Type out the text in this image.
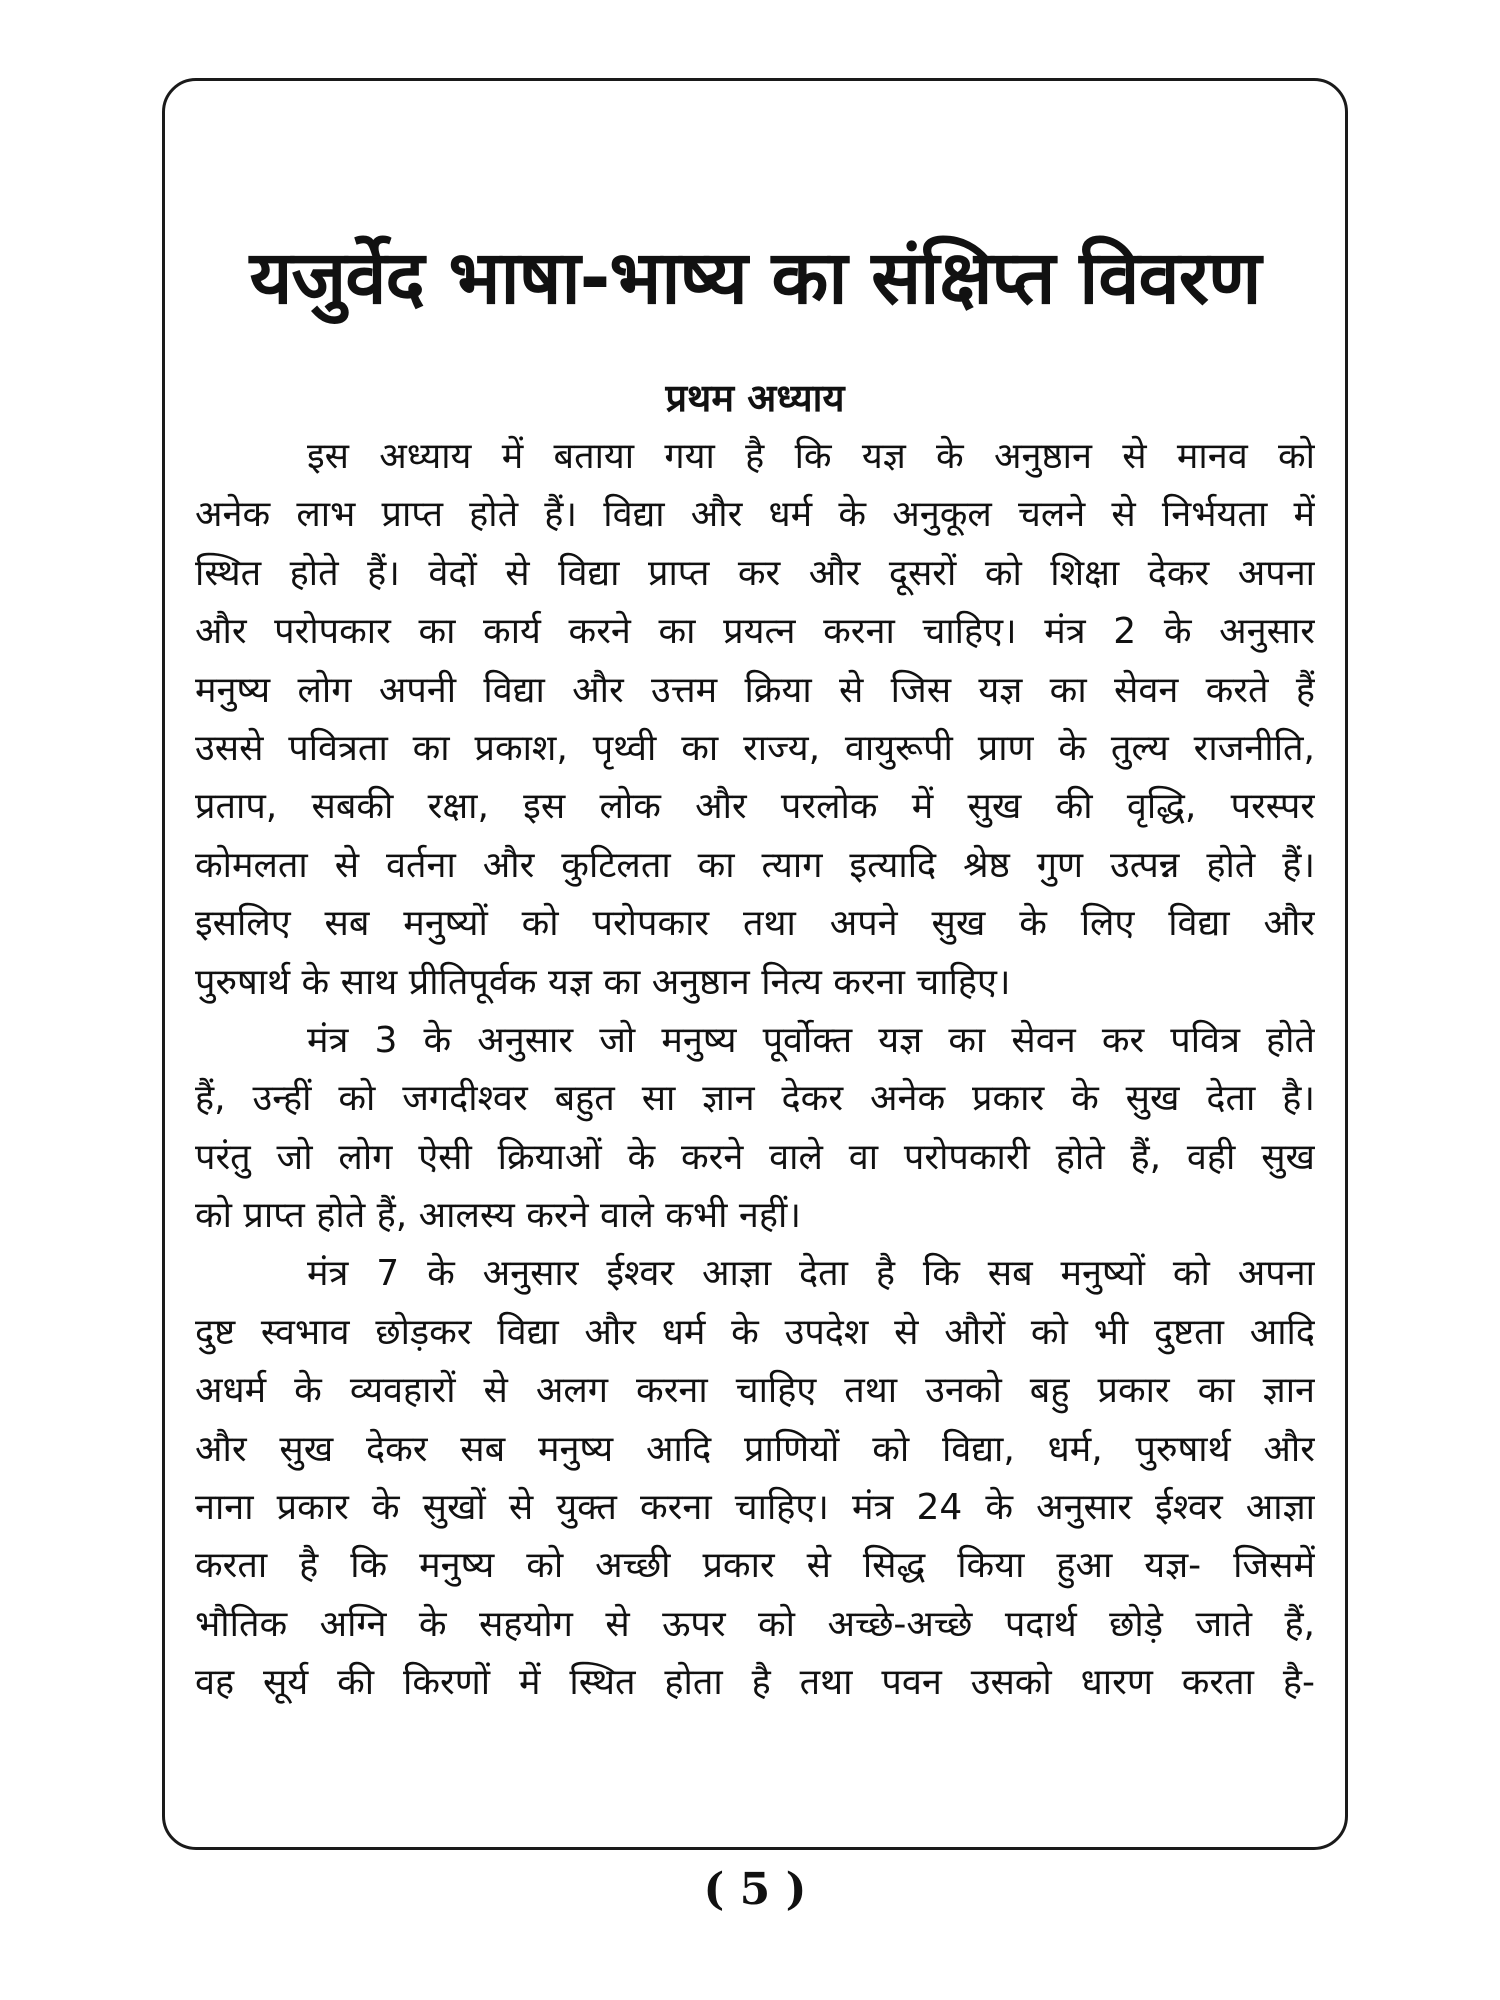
यजुर्वेद भाषा-भाष्य का संक्षिप्त विवरण
प्रथम अध्याय
इस अध्याय में बताया गया है कि यज्ञ के अनुष्ठान से मानव को
अनेक लाभ प्राप्त होते हैं। विद्या और धर्म के अनुकूल चलने से निर्भयता में
स्थित होते हैं। वेदों से विद्या प्राप्त कर और दूसरों को शिक्षा देकर अपना
और परोपकार का कार्य करने का प्रयत्न करना चाहिए। मंत्र 2 के अनुसार
मनुष्य लोग अपनी विद्या और उत्तम क्रिया से जिस यज्ञ का सेवन करते हैं
उससे पवित्रता का प्रकाश, पृथ्वी का राज्य, वायुरूपी प्राण के तुल्य राजनीति,
प्रताप, सबकी रक्षा, इस लोक और परलोक में सुख की वृद्धि, परस्पर
कोमलता से वर्तना और कुटिलता का त्याग इत्यादि श्रेष्ठ गुण उत्पन्न होते हैं।
इसलिए सब मनुष्यों को परोपकार तथा अपने सुख के लिए विद्या और
पुरुषार्थ के साथ प्रीतिपूर्वक यज्ञ का अनुष्ठान नित्य करना चाहिए।
मंत्र 3 के अनुसार जो मनुष्य पूर्वोक्त यज्ञ का सेवन कर पवित्र होते
हैं, उन्हीं को जगदीश्वर बहुत सा ज्ञान देकर अनेक प्रकार के सुख देता है।
परंतु जो लोग ऐसी क्रियाओं के करने वाले वा परोपकारी होते हैं, वही सुख
को प्राप्त होते हैं, आलस्य करने वाले कभी नहीं।
मंत्र 7 के अनुसार ईश्वर आज्ञा देता है कि सब मनुष्यों को अपना
दुष्ट स्वभाव छोड़कर विद्या और धर्म के उपदेश से औरों को भी दुष्टता आदि
अधर्म के व्यवहारों से अलग करना चाहिए तथा उनको बहु प्रकार का ज्ञान
और सुख देकर सब मनुष्य आदि प्राणियों को विद्या, धर्म, पुरुषार्थ और
नाना प्रकार के सुखों से युक्त करना चाहिए। मंत्र 24 के अनुसार ईश्वर आज्ञा
करता है कि मनुष्य को अच्छी प्रकार से सिद्ध किया हुआ यज्ञ- जिसमें
भौतिक अग्नि के सहयोग से ऊपर को अच्छे-अच्छे पदार्थ छोड़े जाते हैं,
वह सूर्य की किरणों में स्थित होता है तथा पवन उसको धारण करता है-
( 5 )
